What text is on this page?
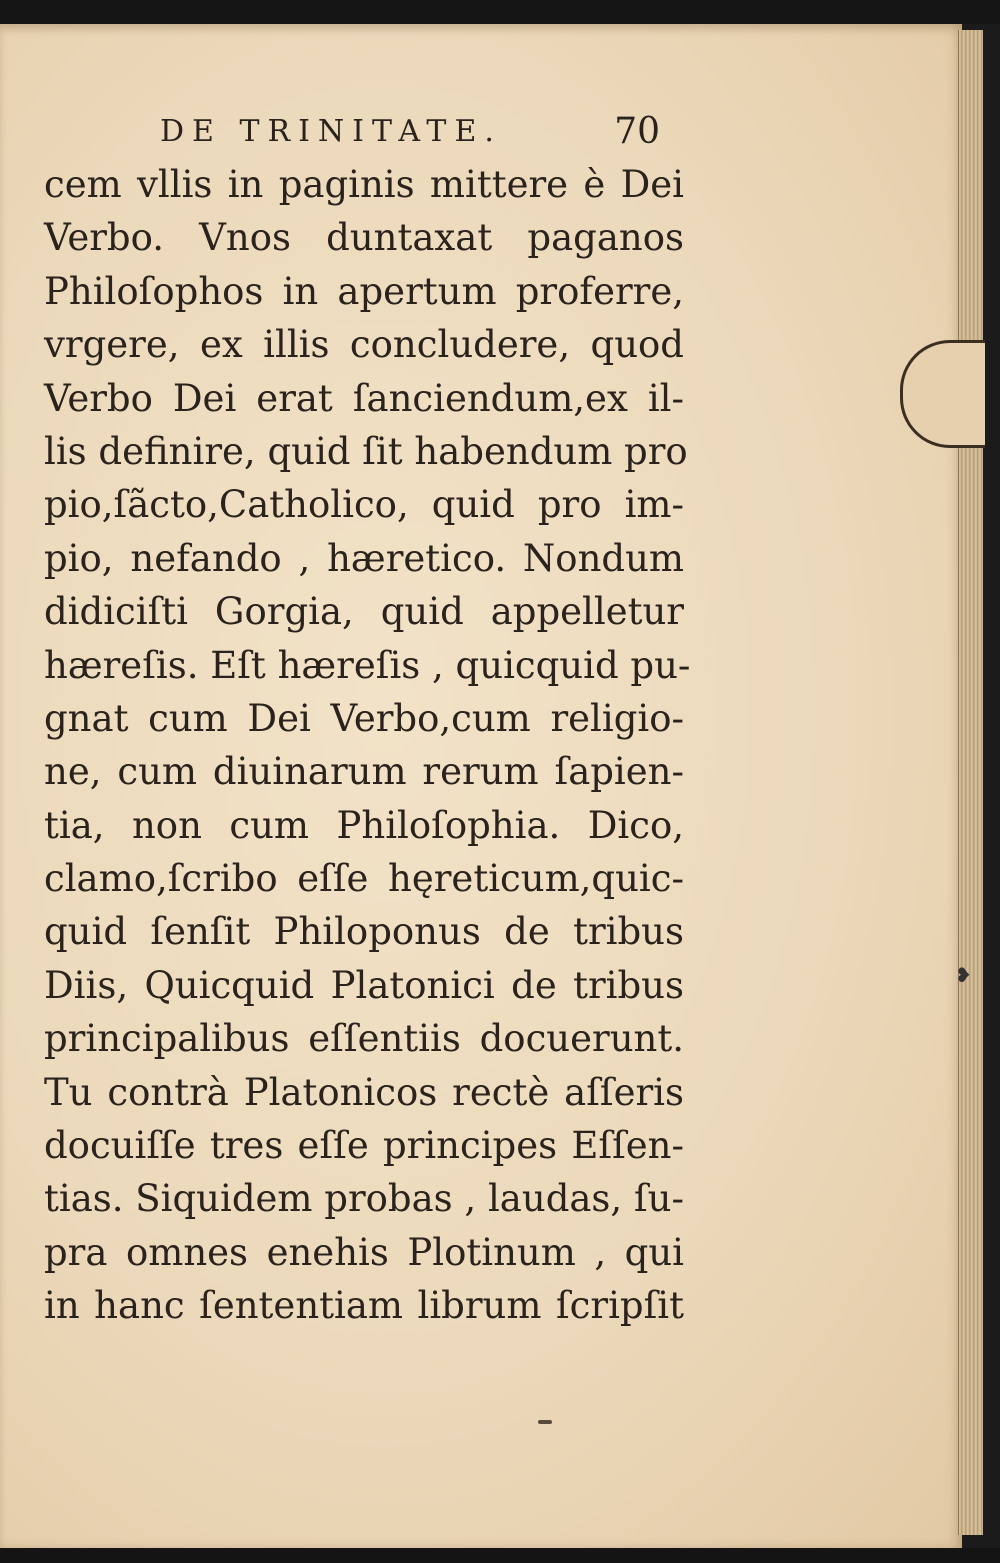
❥
DE TRINITATE.	70
cem vllis in paginis mittere è Dei
Verbo. Vnos duntaxat paganos
Philoſophos in apertum proferre,
vrgere, ex illis concludere, quod
Verbo Dei erat ſanciendum,ex il-
lis definire, quid ſit habendum pro
pio,ſãcto,Catholico, quid pro im-
pio, nefando , hæretico. Nondum
didiciſti Gorgia, quid appelletur
hæreſis. Eſt hæreſis , quicquid pu-
gnat cum Dei Verbo,cum religio-
ne, cum diuinarum rerum ſapien-
tia, non cum Philoſophia. Dico,
clamo,ſcribo eſſe hęreticum,quic-
quid ſenſit Philoponus de tribus
Diis, Quicquid Platonici de tribus
principalibus eſſentiis docuerunt.
Tu contrà Platonicos rectè aſſeris
docuiſſe tres eſſe principes Eſſen-
tias. Siquidem probas , laudas, ſu-
pra omnes enehis Plotinum , qui
in hanc ſententiam librum ſcripſit
